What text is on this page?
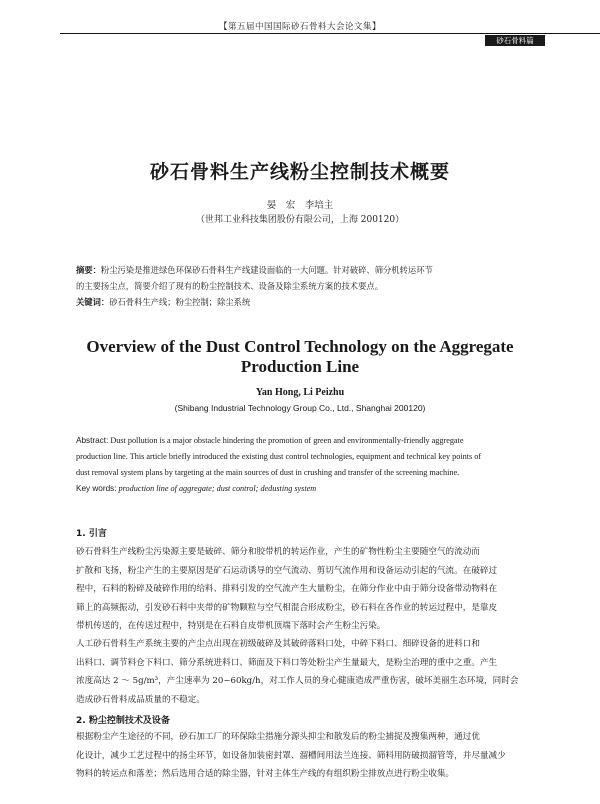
【第五届中国国际砂石骨料大会论文集】
砂石骨料篇
砂石骨料生产线粉尘控制技术概要
晏　宏　李培主
（世邦工业科技集团股份有限公司，上海 200120）
摘要：粉尘污染是推进绿色环保砂石骨料生产线建设面临的一大问题。针对破碎、筛分机转运环节
的主要扬尘点，简要介绍了现有的粉尘控制技术、设备及除尘系统方案的技术要点。
关键词：砂石骨料生产线；粉尘控制；除尘系统
Overview of the Dust Control Technology on the Aggregate
Production Line
Yan Hong, Li Peizhu
(Shibang Industrial Technology Group Co., Ltd., Shanghai 200120)
Abstract: Dust pollution is a major obstacle hindering the promotion of green and environmentally-friendly aggregate
production line. This article briefly introduced the existing dust control technologies, equipment and technical key points of
dust removal system plans by targeting at the main sources of dust in crushing and transfer of the screening machine.
Key words: production line of aggregate; dust control; dedusting system
1. 引言
砂石骨料生产线粉尘污染源主要是破碎、筛分和胶带机的转运作业，产生的矿物性粉尘主要随空气的流动而
扩散和飞扬，粉尘产生的主要原因是矿石运动诱导的空气流动、剪切气流作用和设备运动引起的气流。在破碎过
程中，石料的粉碎及破碎作用的给料、排料引发的空气流产生大量粉尘，在筛分作业中由于筛分设备带动物料在
筛上的高频振动，引发砂石料中夹带的矿物颗粒与空气相混合形成粉尘，砂石料在各作业的转运过程中，是靠皮
带机传送的，在传送过程中，特别是在石料自皮带机顶端下落时会产生粉尘污染。
人工砂石骨料生产系统主要的产尘点出现在初级破碎及其破碎落料口处，中碎下料口、细碎设备的进料口和
出料口、调节料仓下料口、筛分系统进料口、筛面及下料口等处粉尘产生量最大，是粉尘治理的重中之重。产生
浓度高达 2 ～ 5g/m³，产尘速率为 20~60kg/h，对工作人员的身心健康造成严重伤害，破坏美丽生态环境，同时会
造成砂石骨料成品质量的不稳定。
2. 粉尘控制技术及设备
根据粉尘产生途径的不同，砂石加工厂的环保除尘措施分源头抑尘和散发后的粉尘捕捉及搜集两种，通过优
化设计，减少工艺过程中的扬尘环节，如设备加装密封罩、溜槽间用法兰连接、筛料用防破损溜管等，并尽量减少
物料的转运点和落差；然后选用合适的除尘器，针对主体生产线的有组织粉尘排放点进行粉尘收集。
